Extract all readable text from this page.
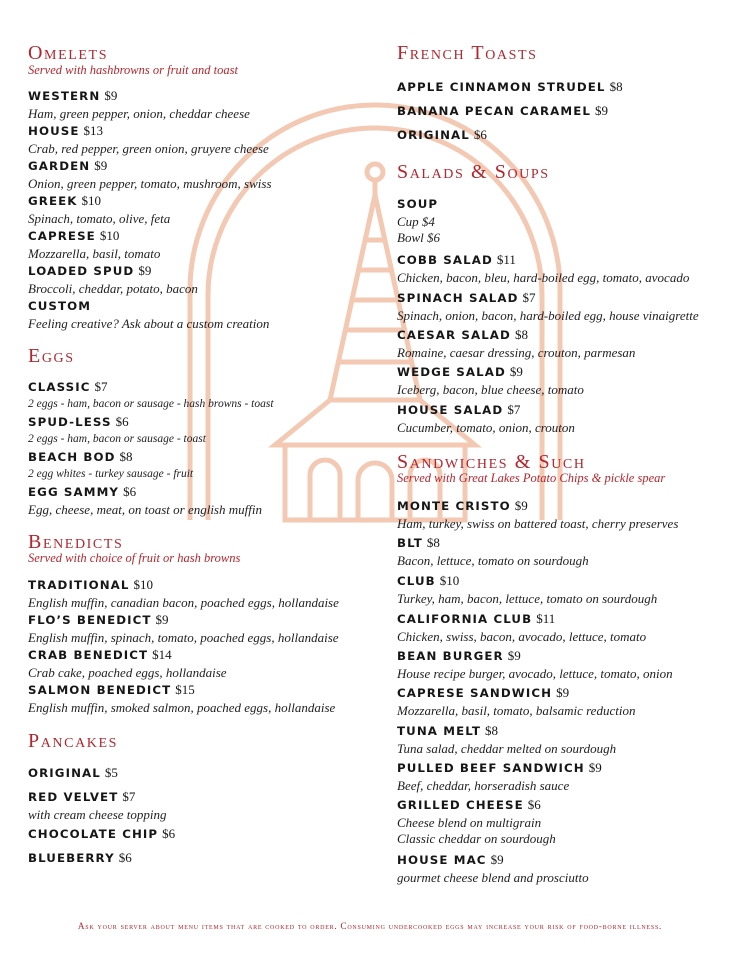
Omelets
Served with hashbrowns or fruit and toast
WESTERN $9
Ham, green pepper, onion, cheddar cheese
HOUSE $13
Crab, red pepper, green onion, gruyere cheese
GARDEN $9
Onion, green pepper, tomato, mushroom, swiss
GREEK $10
Spinach, tomato, olive, feta
CAPRESE $10
Mozzarella, basil, tomato
LOADED SPUD $9
Broccoli, cheddar, potato, bacon
CUSTOM
Feeling creative? Ask about a custom creation
Eggs
CLASSIC $7
2 eggs - ham, bacon or sausage - hash browns - toast
SPUD-LESS $6
2 eggs - ham, bacon or sausage - toast
BEACH BOD $8
2 egg whites - turkey sausage - fruit
EGG SAMMY $6
Egg, cheese, meat, on toast or english muffin
Benedicts
Served with choice of fruit or hash browns
TRADITIONAL $10
English muffin, canadian bacon, poached eggs, hollandaise
FLO’S BENEDICT $9
English muffin, spinach, tomato, poached eggs, hollandaise
CRAB BENEDICT $14
Crab cake, poached eggs, hollandaise
SALMON BENEDICT $15
English muffin, smoked salmon, poached eggs, hollandaise
Pancakes
ORIGINAL $5
RED VELVET $7
with cream cheese topping
CHOCOLATE CHIP $6
BLUEBERRY $6
French Toasts
APPLE CINNAMON STRUDEL $8
BANANA PECAN CARAMEL $9
ORIGINAL $6
Salads & Soups
SOUP
Cup $4
Bowl $6
COBB SALAD $11
Chicken, bacon, bleu, hard-boiled egg, tomato, avocado
SPINACH SALAD $7
Spinach, onion, bacon, hard-boiled egg, house vinaigrette
CAESAR SALAD $8
Romaine, caesar dressing, crouton, parmesan
WEDGE SALAD $9
Iceberg, bacon, blue cheese, tomato
HOUSE SALAD $7
Cucumber, tomato, onion, crouton
Sandwiches & Such
Served with Great Lakes Potato Chips & pickle spear
MONTE CRISTO $9
Ham, turkey, swiss on battered toast, cherry preserves
BLT $8
Bacon, lettuce, tomato on sourdough
CLUB $10
Turkey, ham, bacon, lettuce, tomato on sourdough
CALIFORNIA CLUB $11
Chicken, swiss, bacon, avocado, lettuce, tomato
BEAN BURGER $9
House recipe burger, avocado, lettuce, tomato, onion
CAPRESE SANDWICH $9
Mozzarella, basil, tomato, balsamic reduction
TUNA MELT $8
Tuna salad, cheddar melted on sourdough
PULLED BEEF SANDWICH $9
Beef, cheddar, horseradish sauce
GRILLED CHEESE $6
Cheese blend on multigrain
Classic cheddar on sourdough
HOUSE MAC $9
gourmet cheese blend and prosciutto
Ask your server about menu items that are cooked to order. Consuming undercooked eggs may increase your risk of food-borne illness.
